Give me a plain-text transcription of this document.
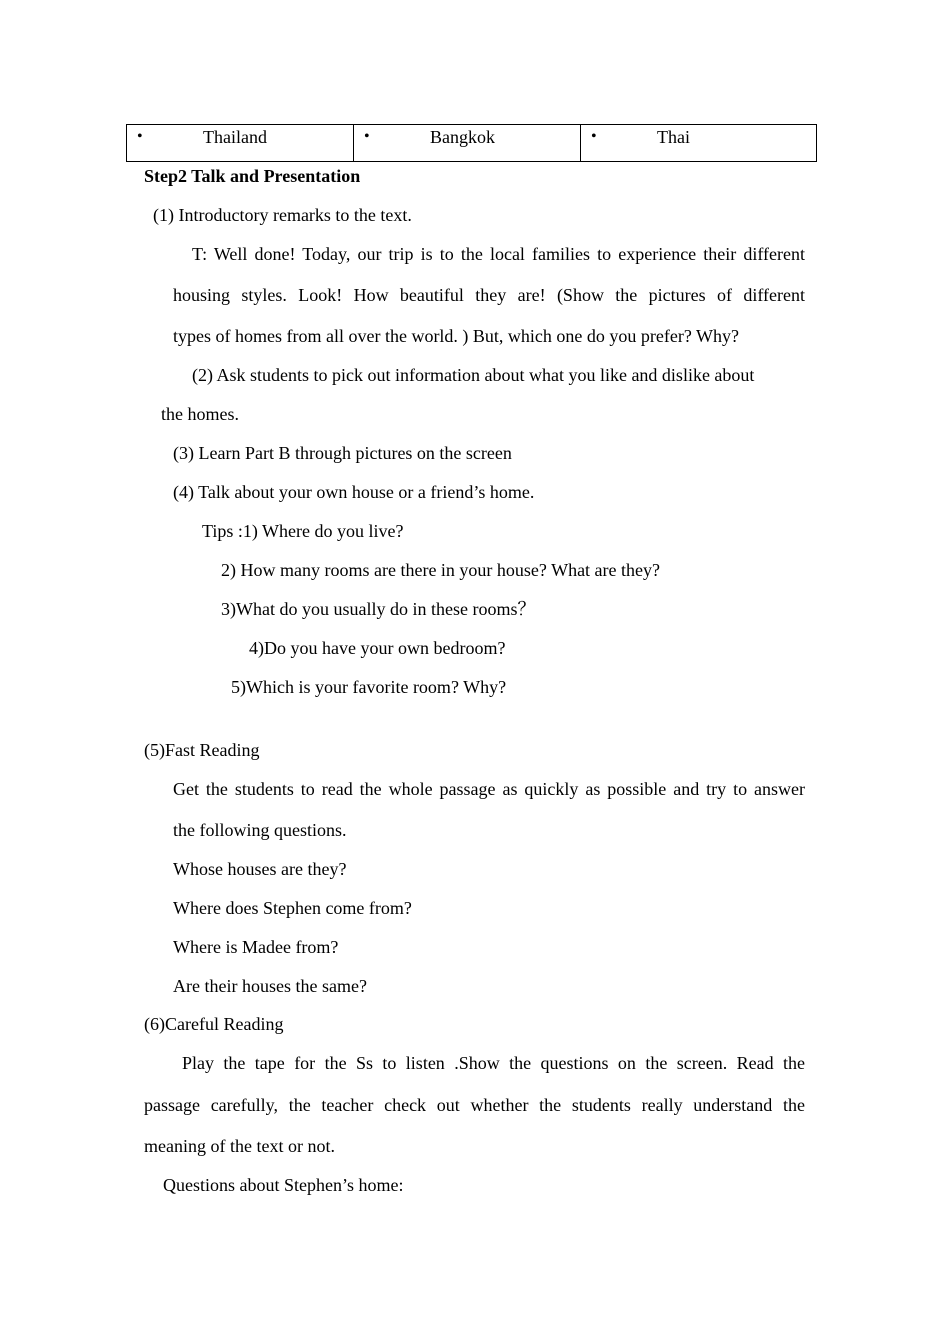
•	Thailand	•	Bangkok	•	Thai
Step2 Talk and Presentation
(1) Introductory remarks to the text.
T: Well done! Today, our trip is to the local families to experience their different
housing styles. Look! How beautiful they are! (Show the pictures of different
types of homes from all over the world. ) But, which one do you prefer? Why?
(2) Ask students to pick out information about what you like and dislike about
the homes.
(3) Learn Part B through pictures on the screen
(4) Talk about your own house or a friend’s home.
Tips :1) Where do you live?
2) How many rooms are there in your house? What are they?
3)What do you usually do in these rooms？
4)Do you have your own bedroom?
5)Which is your favorite room? Why?
(5)Fast Reading
Get the students to read the whole passage as quickly as possible and try to answer
the following questions.
Whose houses are they?
Where does Stephen come from?
Where is Madee from?
Are their houses the same?
(6)Careful Reading
Play the tape for the Ss to listen .Show the questions on the screen. Read the
passage carefully, the teacher check out whether the students really understand the
meaning of the text or not.
Questions about Stephen’s home:
